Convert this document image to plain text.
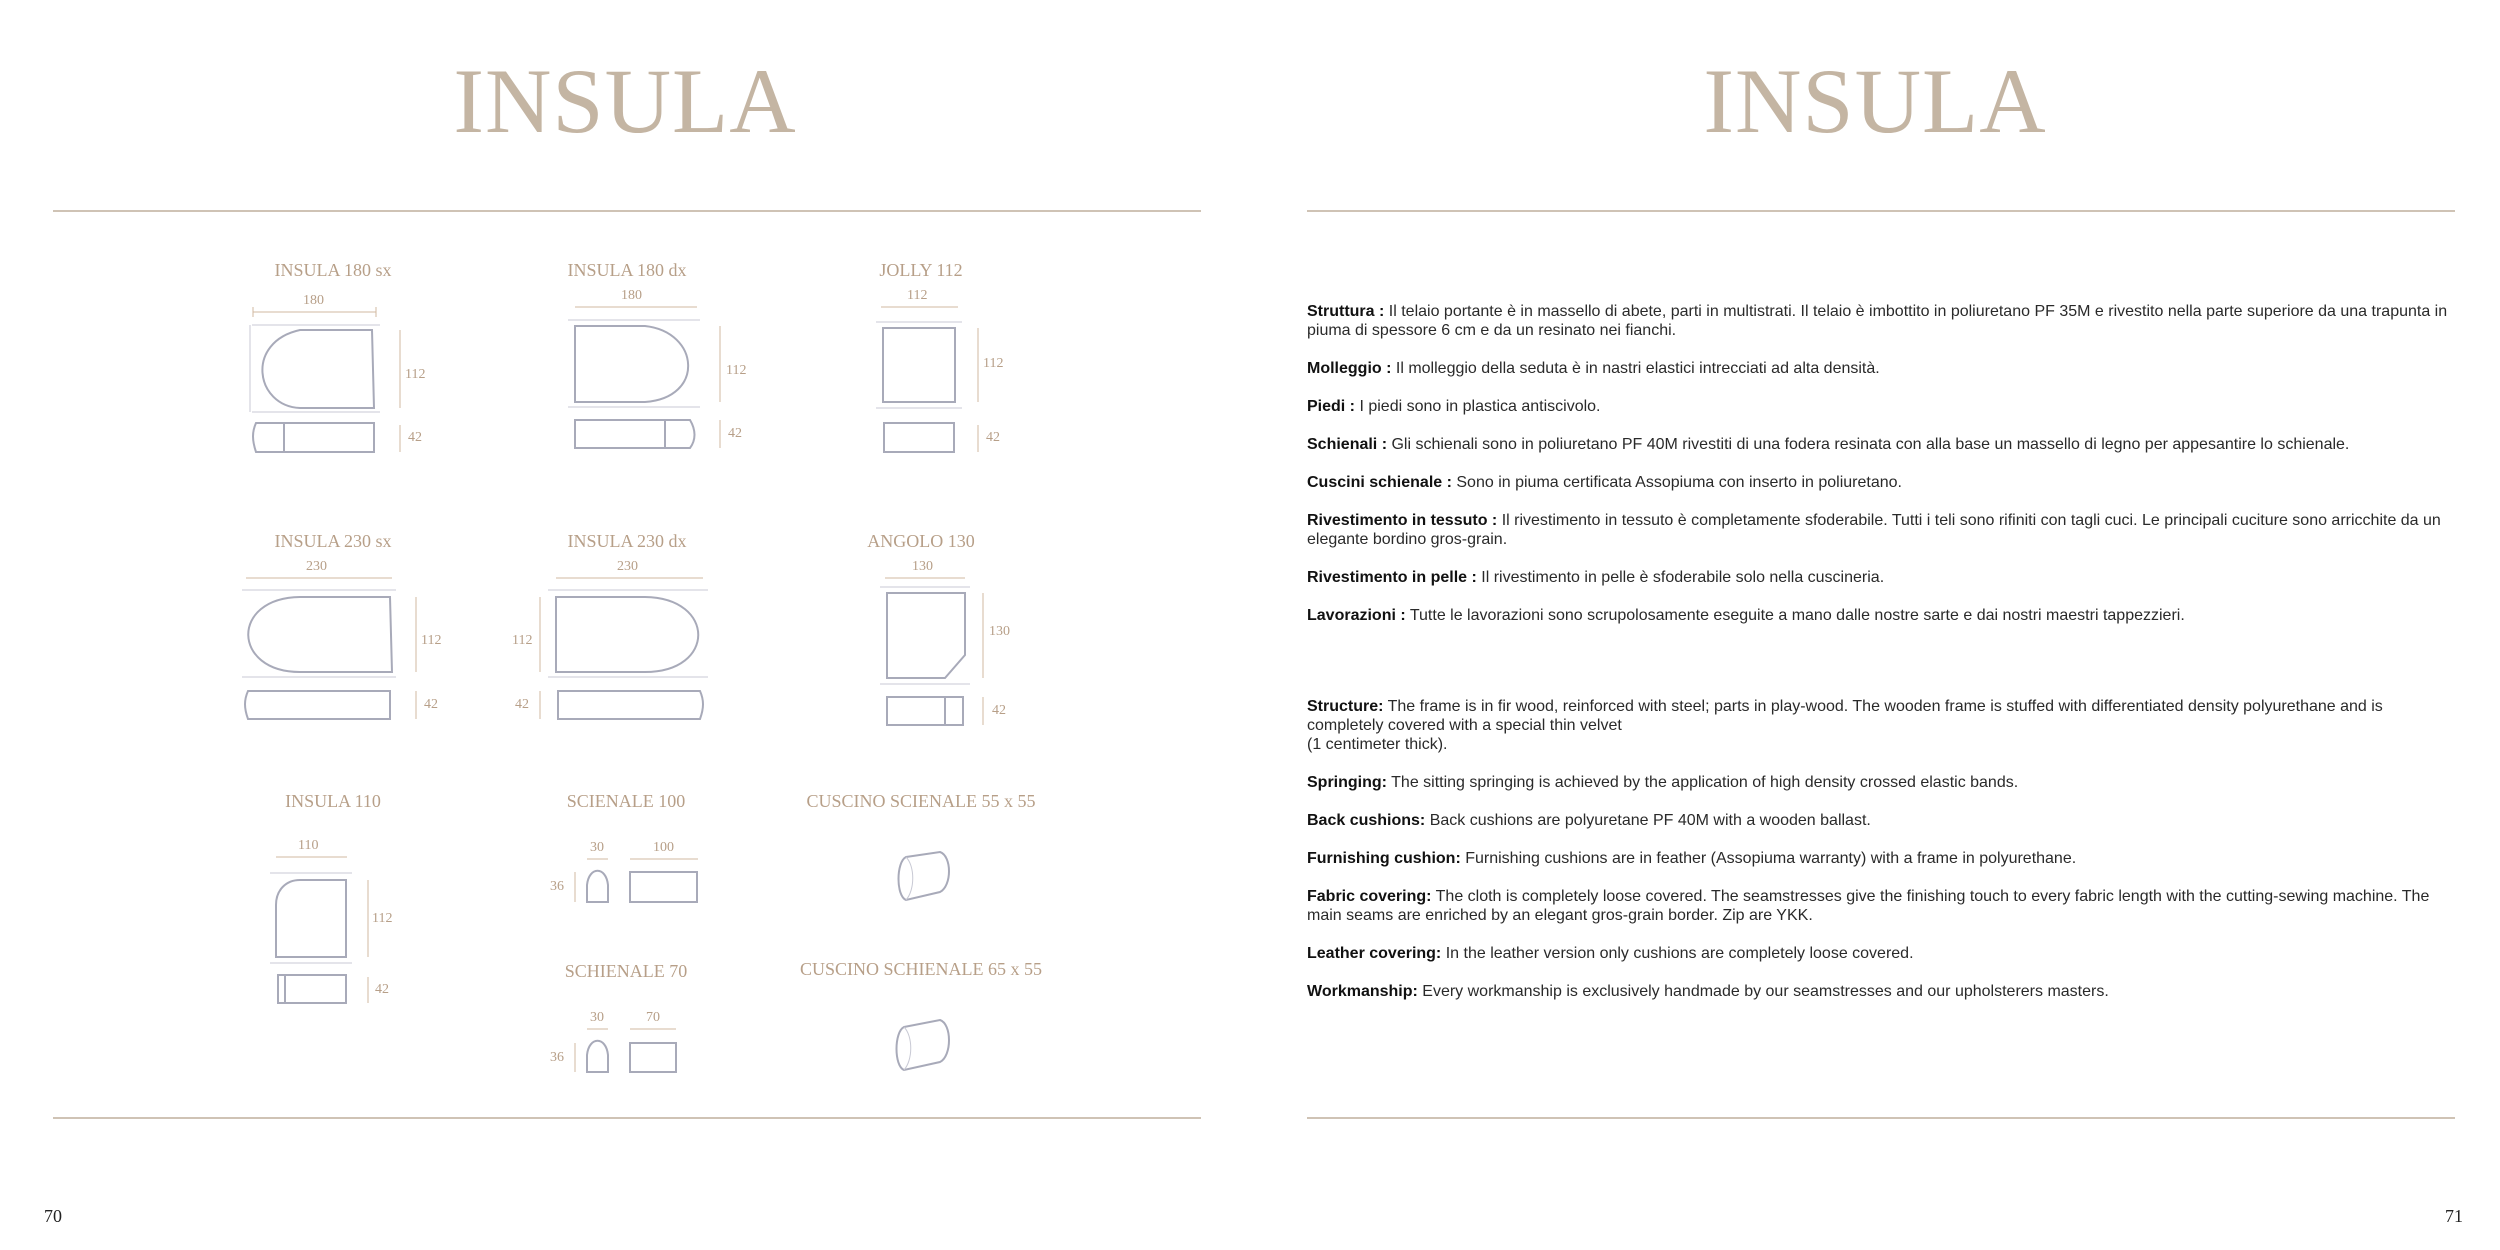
INSULA
INSULA 180 sx
180
112
42
INSULA 180 dx
180
112
42
JOLLY 112
112
112
42
INSULA 230 sx
230
112
42
INSULA 230 dx
230
112
42
ANGOLO 130
130
130
42
INSULA 110
110
112
42
SCIENALE 100
30	100
36
CUSCINO SCIENALE 55 x 55
SCHIENALE 70
30	70
36
CUSCINO SCHIENALE 65 x 55
70
INSULA

Struttura : Il telaio portante è in massello di abete, parti in multistrati. Il telaio è imbottito in poliuretano PF 35M e rivestito nella parte superiore da una trapunta in piuma di spessore 6 cm e da un resinato nei fianchi.

Molleggio : Il molleggio della seduta è in nastri elastici intrecciati ad alta densità.

Piedi : I piedi sono in plastica antiscivolo.

Schienali : Gli schienali sono in poliuretano PF 40M rivestiti di una fodera resinata con alla base un massello di legno per appesantire lo schienale.

Cuscini schienale : Sono in piuma certificata Assopiuma con inserto in poliuretano.

Rivestimento in tessuto : Il rivestimento in tessuto è completamente sfoderabile. Tutti i teli sono rifiniti con tagli cuci. Le principali cuciture sono arricchite da un elegante bordino gros-grain.

Rivestimento in pelle : Il rivestimento in pelle è sfoderabile solo nella cuscineria.

Lavorazioni : Tutte le lavorazioni sono scrupolosamente eseguite a mano dalle nostre sarte e dai nostri maestri tappezzieri.

Structure: The frame is in fir wood, reinforced with steel; parts in play-wood. The wooden frame is stuffed with differentiated density polyurethane and is completely covered with a special thin velvet
(1 centimeter thick).

Springing: The sitting springing is achieved by the application of high density crossed elastic bands.

Back cushions: Back cushions are polyuretane PF 40M with a wooden ballast.

Furnishing cushion: Furnishing cushions are in feather (Assopiuma warranty) with a frame in polyurethane.

Fabric covering: The cloth is completely loose covered. The seamstresses give the finishing touch to every fabric length with the cutting-sewing machine. The main seams are enriched by an elegant gros-grain border. Zip are YKK.

Leather covering: In the leather version only cushions are completely loose covered.

Workmanship: Every workmanship is exclusively handmade by our seamstresses and our upholsterers masters.

71
